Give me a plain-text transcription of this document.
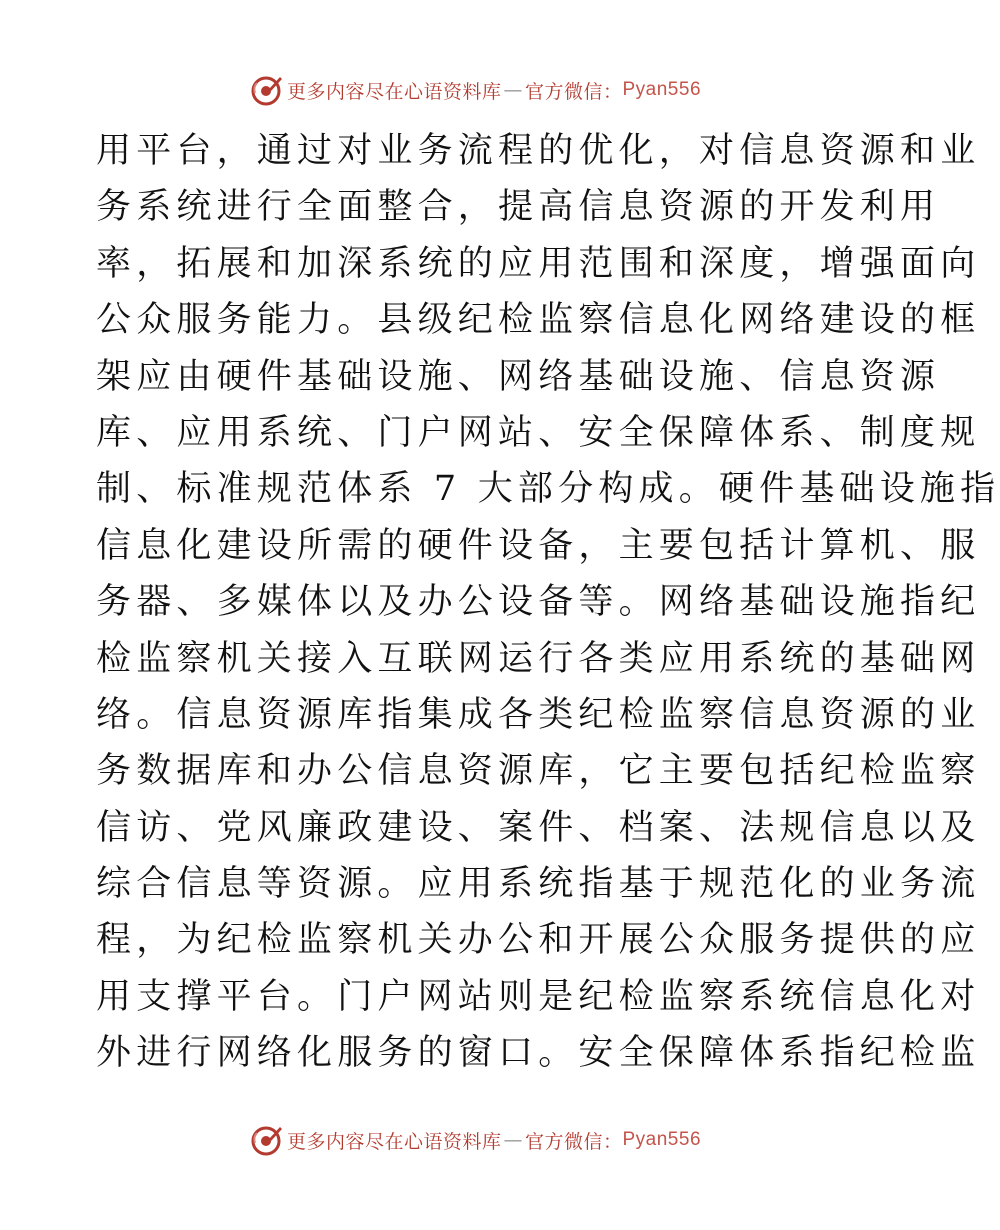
更多内容尽在心语资料库 — 官方微信： Pyan556
用平台，通过对业务流程的优化，对信息资源和业
务系统进行全面整合，提高信息资源的开发利用
率，拓展和加深系统的应用范围和深度，增强面向
公众服务能力。县级纪检监察信息化网络建设的框
架应由硬件基础设施、网络基础设施、信息资源
库、应用系统、门户网站、安全保障体系、制度规
制、标准规范体系 7 大部分构成。硬件基础设施指
信息化建设所需的硬件设备，主要包括计算机、服
务器、多媒体以及办公设备等。网络基础设施指纪
检监察机关接入互联网运行各类应用系统的基础网
络。信息资源库指集成各类纪检监察信息资源的业
务数据库和办公信息资源库，它主要包括纪检监察
信访、党风廉政建设、案件、档案、法规信息以及
综合信息等资源。应用系统指基于规范化的业务流
程，为纪检监察机关办公和开展公众服务提供的应
用支撑平台。门户网站则是纪检监察系统信息化对
外进行网络化服务的窗口。安全保障体系指纪检监
更多内容尽在心语资料库 — 官方微信： Pyan556
